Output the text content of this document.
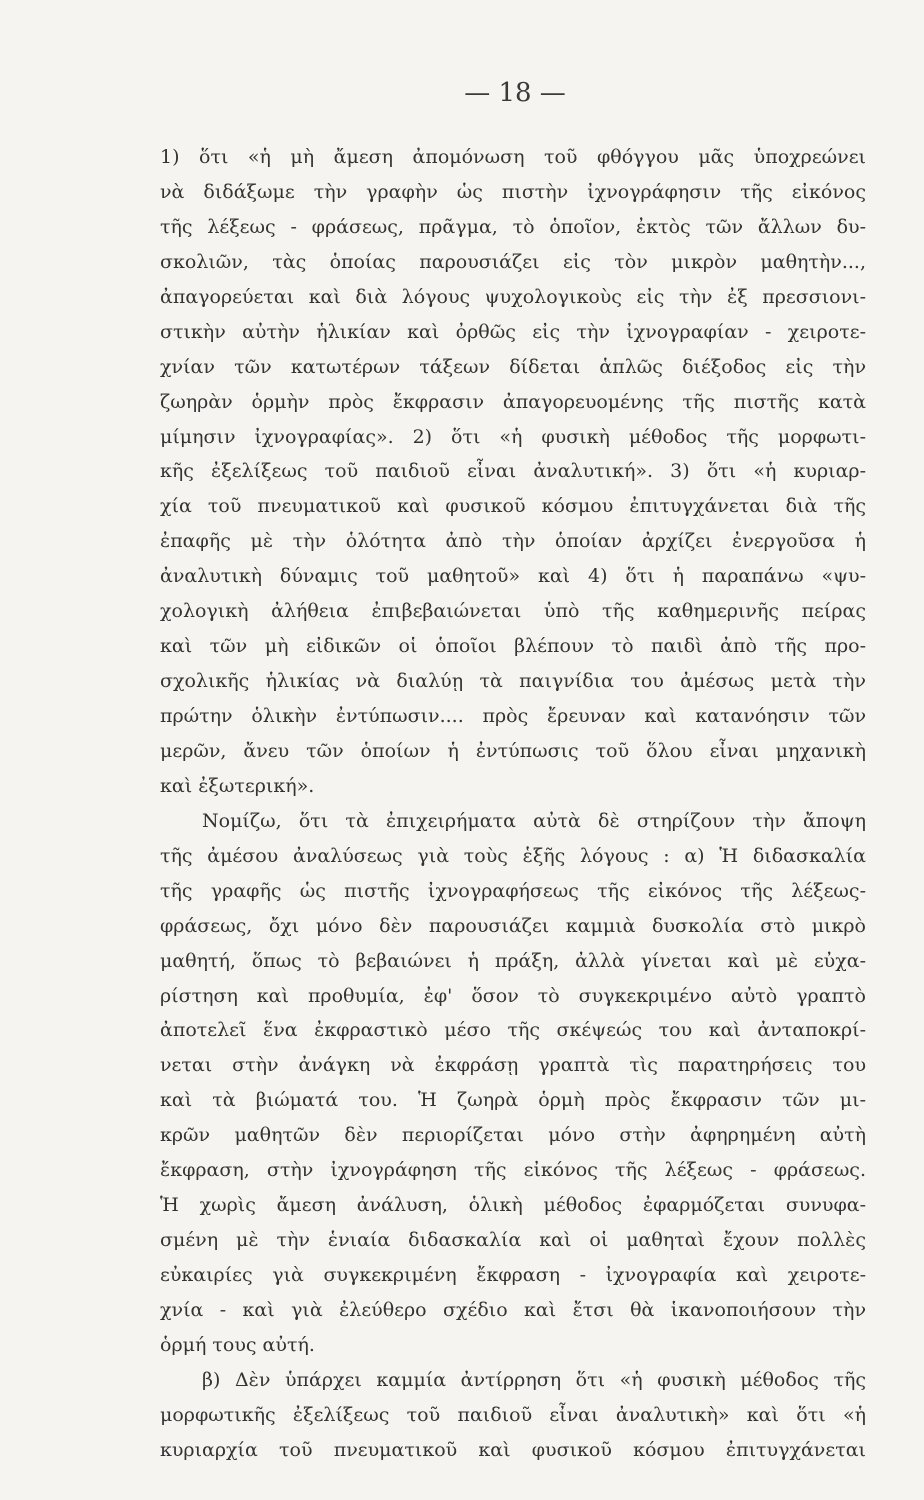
— 18 —
1) ὅτι «ἡ μὴ ἄμεση ἀπομόνωση τοῦ φθόγγου μᾶς ὑποχρεώνει
νὰ διδάξωμε τὴν γραφὴν ὡς πιστὴν ἰχνογράφησιν τῆς εἰκόνος
τῆς λέξεως - φράσεως, πρᾶγμα, τὸ ὁποῖον, ἐκτὸς τῶν ἄλλων δυ-
σκολιῶν, τὰς ὁποίας παρουσιάζει εἰς τὸν μικρὸν μαθητὴν...,
ἀπαγορεύεται καὶ διὰ λόγους ψυχολογικοὺς εἰς τὴν ἐξ πρεσσιονι-
στικὴν αὐτὴν ἡλικίαν καὶ ὀρθῶς εἰς τὴν ἰχνογραφίαν - χειροτε-
χνίαν τῶν κατωτέρων τάξεων δίδεται ἁπλῶς διέξοδος εἰς τὴν
ζωηρὰν ὁρμὴν πρὸς ἔκφρασιν ἀπαγορευομένης τῆς πιστῆς κατὰ
μίμησιν ἰχνογραφίας». 2) ὅτι «ἡ φυσικὴ μέθοδος τῆς μορφωτι-
κῆς ἐξελίξεως τοῦ παιδιοῦ εἶναι ἀναλυτική». 3) ὅτι «ἡ κυριαρ-
χία τοῦ πνευματικοῦ καὶ φυσικοῦ κόσμου ἐπιτυγχάνεται διὰ τῆς
ἐπαφῆς μὲ τὴν ὁλότητα ἀπὸ τὴν ὁποίαν ἀρχίζει ἐνεργοῦσα ἡ
ἀναλυτικὴ δύναμις τοῦ μαθητοῦ» καὶ 4) ὅτι ἡ παραπάνω «ψυ-
χολογικὴ ἀλήθεια ἐπιβεβαιώνεται ὑπὸ τῆς καθημερινῆς πείρας
καὶ τῶν μὴ εἰδικῶν οἱ ὁποῖοι βλέπουν τὸ παιδὶ ἀπὸ τῆς προ-
σχολικῆς ἡλικίας νὰ διαλύῃ τὰ παιγνίδια του ἀμέσως μετὰ τὴν
πρώτην ὁλικὴν ἐντύπωσιν.... πρὸς ἔρευναν καὶ κατανόησιν τῶν
μερῶν, ἄνευ τῶν ὁποίων ἡ ἐντύπωσις τοῦ ὅλου εἶναι μηχανικὴ
καὶ ἐξωτερική».
Νομίζω, ὅτι τὰ ἐπιχειρήματα αὐτὰ δὲ στηρίζουν τὴν ἄποψη
τῆς ἀμέσου ἀναλύσεως γιὰ τοὺς ἑξῆς λόγους : α) Ἡ διδασκαλία
τῆς γραφῆς ὡς πιστῆς ἰχνογραφήσεως τῆς εἰκόνος τῆς λέξεως-
φράσεως, ὄχι μόνο δὲν παρουσιάζει καμμιὰ δυσκολία στὸ μικρὸ
μαθητή, ὅπως τὸ βεβαιώνει ἡ πράξη, ἀλλὰ γίνεται καὶ μὲ εὐχα-
ρίστηση καὶ προθυμία, ἐφ' ὅσον τὸ συγκεκριμένο αὐτὸ γραπτὸ
ἀποτελεῖ ἕνα ἐκφραστικὸ μέσο τῆς σκέψεώς του καὶ ἀνταποκρί-
νεται στὴν ἀνάγκη νὰ ἐκφράσῃ γραπτὰ τὶς παρατηρήσεις του
καὶ τὰ βιώματά του. Ἡ ζωηρὰ ὁρμὴ πρὸς ἔκφρασιν τῶν μι-
κρῶν μαθητῶν δὲν περιορίζεται μόνο στὴν ἀφηρημένη αὐτὴ
ἔκφραση, στὴν ἰχνογράφηση τῆς εἰκόνος τῆς λέξεως - φράσεως.
Ἡ χωρὶς ἄμεση ἀνάλυση, ὁλικὴ μέθοδος ἐφαρμόζεται συνυφα-
σμένη μὲ τὴν ἑνιαία διδασκαλία καὶ οἱ μαθηταὶ ἔχουν πολλὲς
εὐκαιρίες γιὰ συγκεκριμένη ἔκφραση - ἰχνογραφία καὶ χειροτε-
χνία - καὶ γιὰ ἐλεύθερο σχέδιο καὶ ἔτσι θὰ ἱκανοποιήσουν τὴν
ὁρμή τους αὐτή.
β) Δὲν ὑπάρχει καμμία ἀντίρρηση ὅτι «ἡ φυσικὴ μέθοδος τῆς
μορφωτικῆς ἐξελίξεως τοῦ παιδιοῦ εἶναι ἀναλυτικὴ» καὶ ὅτι «ἡ
κυριαρχία τοῦ πνευματικοῦ καὶ φυσικοῦ κόσμου ἐπιτυγχάνεται
